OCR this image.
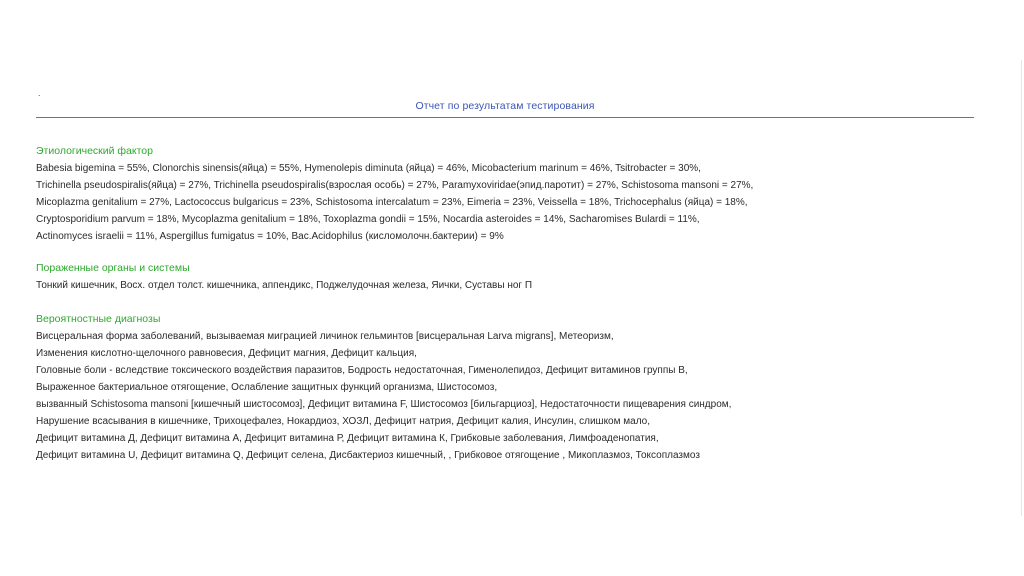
.
Отчет по результатам тестирования
Этиологический фактор
Babesia bigemina = 55%, Clonorchis sinensis(яйца) = 55%, Hymenolepis diminuta (яйца) = 46%, Micobacterium marinum = 46%, Tsitrobacter = 30%,
Trichinella pseudospiralis(яйца) = 27%, Trichinella pseudospiralis(взрослая особь) = 27%, Paramyxoviridae(эпид.паротит) = 27%, Schistosoma mansoni = 27%,
Micoplazma genitalium = 27%, Lactococcus bulgaricus = 23%, Schistosoma intercalatum = 23%, Eimeria = 23%, Veissella = 18%, Trichocephalus (яйца) = 18%,
Cryptosporidium parvum = 18%, Mycoplazma genitalium = 18%, Toxoplazma gondii = 15%, Nocardia asteroides = 14%, Sacharomises Bulardi = 11%,
Actinomyces israelii = 11%, Aspergillus fumigatus = 10%, Bac.Acidophilus (кисломолочн.бактерии) = 9%
Пораженные органы и системы
Тонкий кишечник, Восх. отдел толст. кишечника, аппендикс, Поджелудочная железа, Яички, Суставы ног П
Вероятностные диагнозы
Висцеральная форма заболеваний, вызываемая миграцией личинок гельминтов [висцеральная Larva migrans], Метеоризм,
Изменения кислотно-щелочного равновесия, Дефицит магния, Дефицит кальция,
Головные боли - вследствие токсического воздействия паразитов, Бодрость недостаточная, Гименолепидоз, Дефицит витаминов группы В,
Выраженное бактериальное отягощение, Ослабление защитных функций организма, Шистосомоз,
вызванный Schistosoma mansoni [кишечный шистосомоз], Дефицит витамина F, Шистосомоз [бильгарциоз], Недостаточности пищеварения синдром,
Нарушение всасывания в кишечнике, Трихоцефалез, Нокардиоз, ХОЗЛ, Дефицит натрия, Дефицит калия, Инсулин, слишком мало,
Дефицит витамина Д, Дефицит витамина А, Дефицит витамина Р, Дефицит витамина К, Грибковые заболевания, Лимфоаденопатия,
Дефицит витамина U, Дефицит витамина Q, Дефицит селена, Дисбактериоз кишечный, , Грибковое отягощение , Микоплазмоз, Токсоплазмоз
